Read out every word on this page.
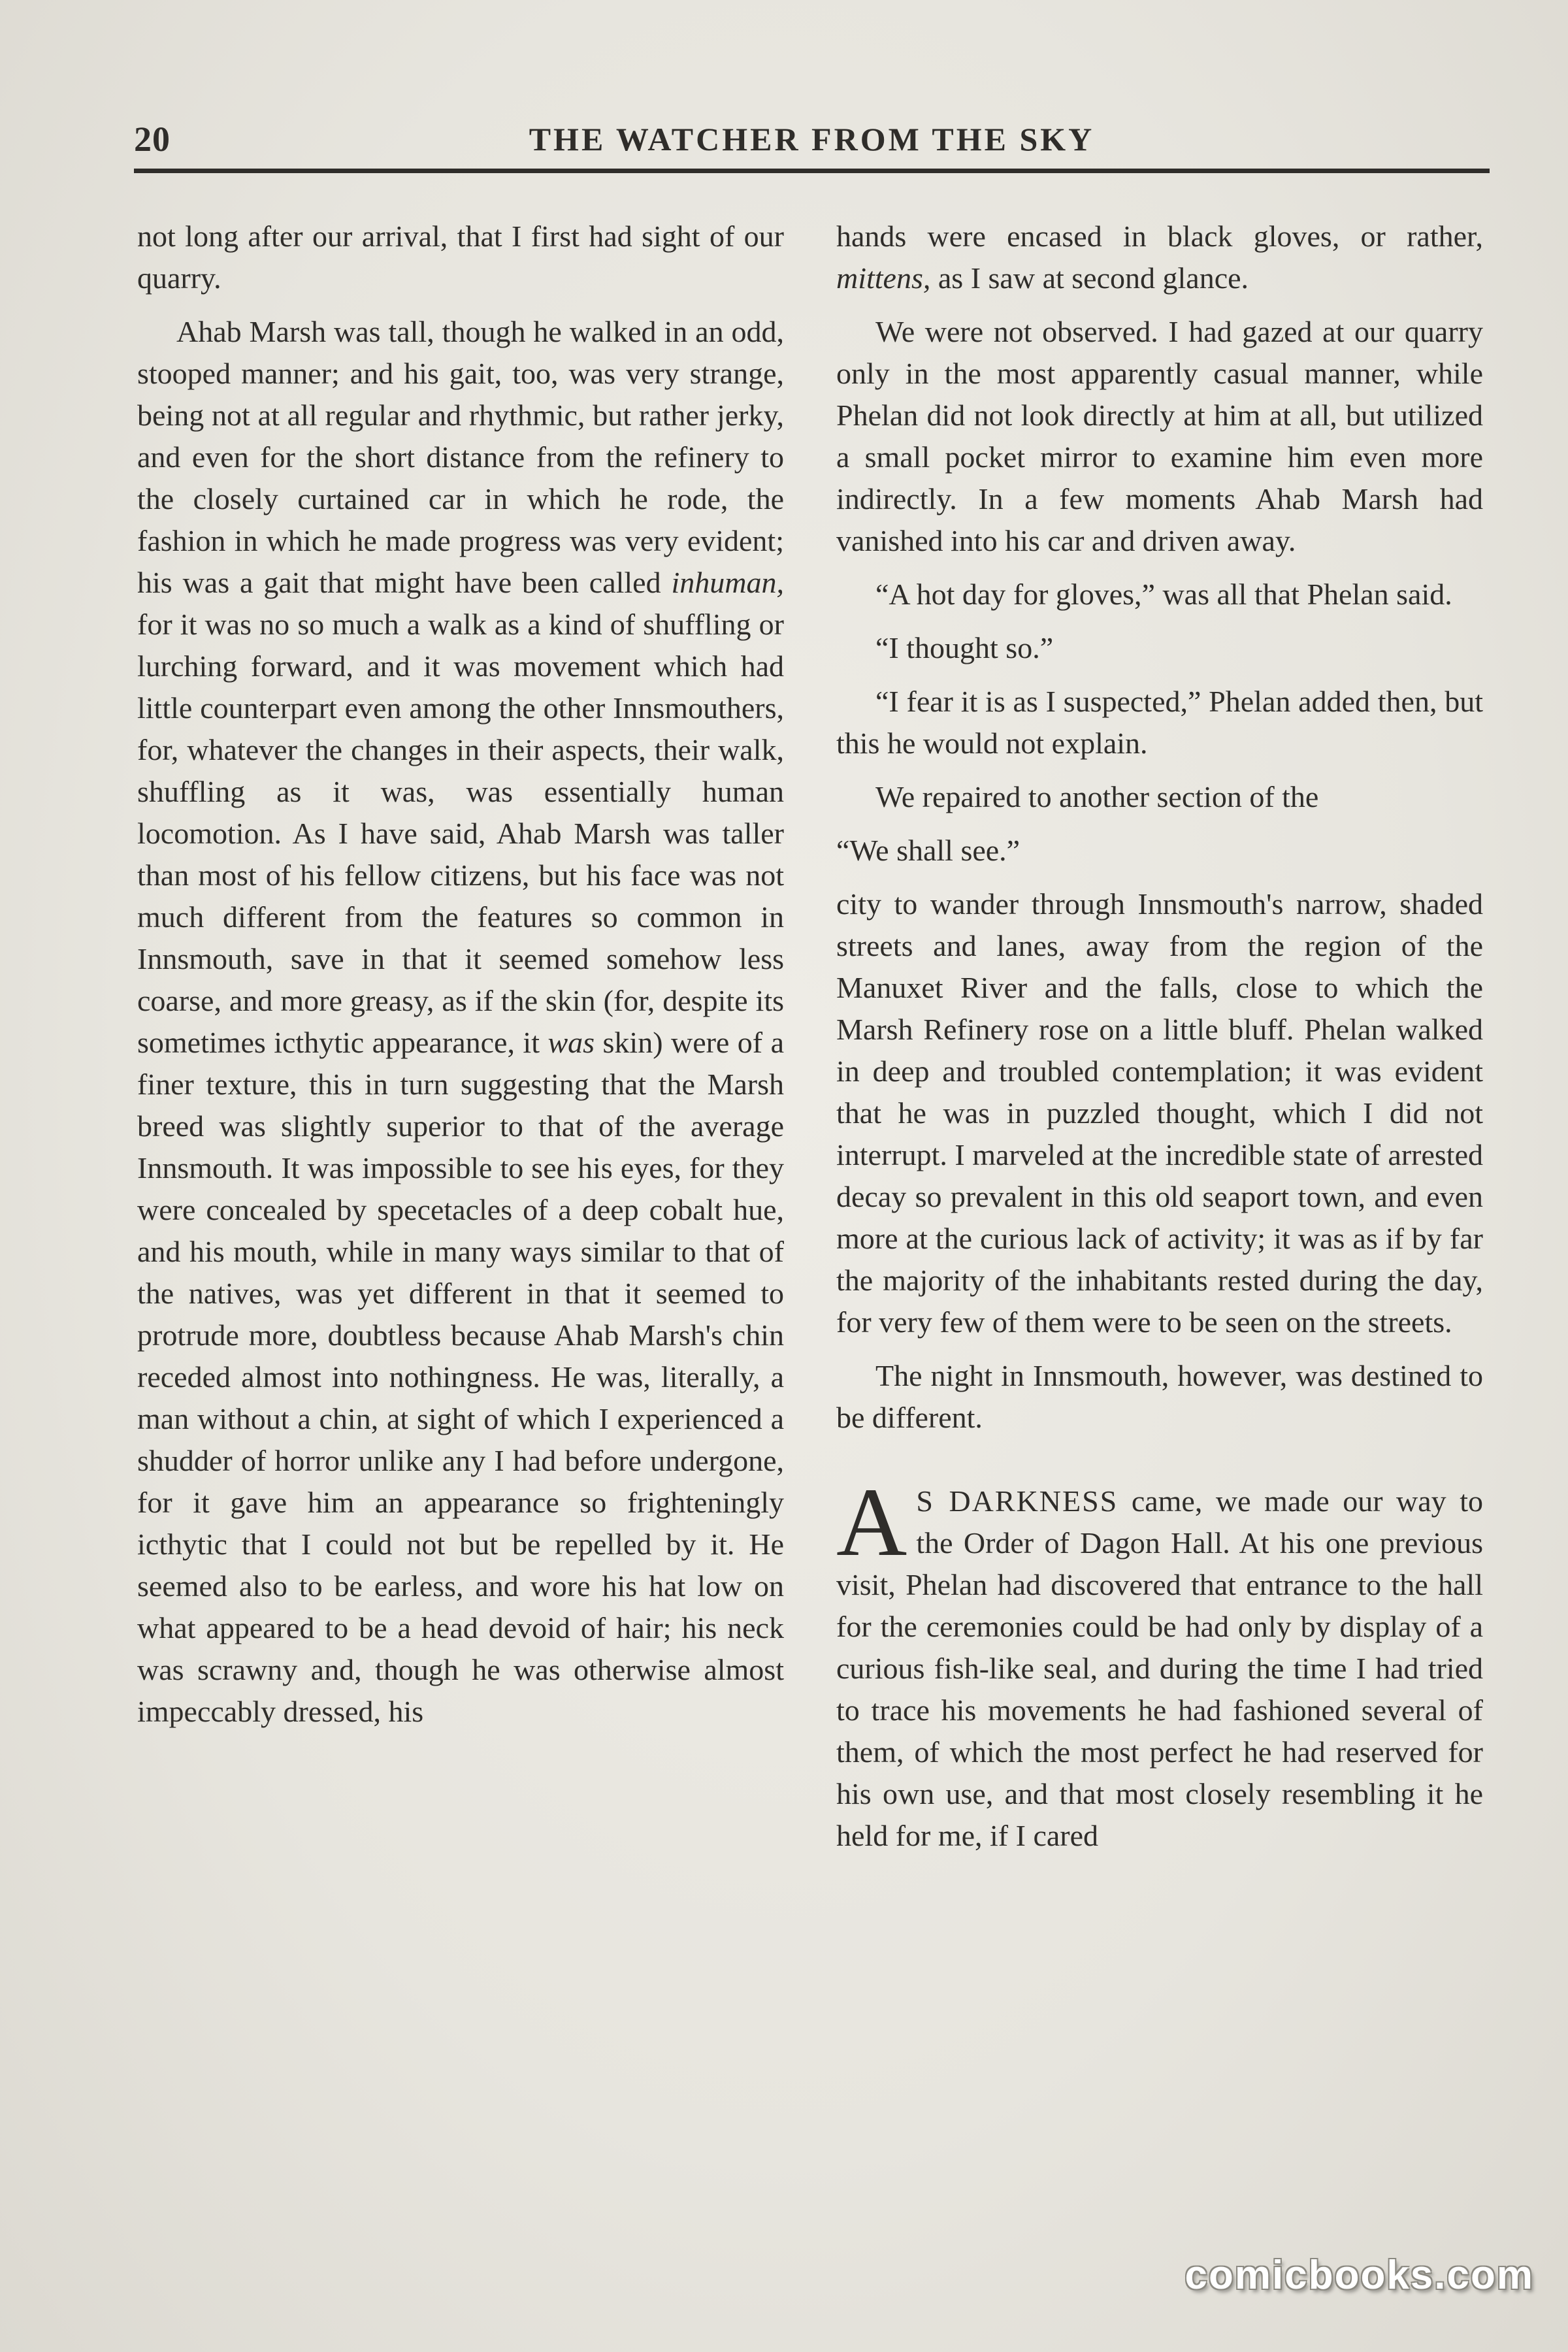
20	THE WATCHER FROM THE SKY

not long after our arrival, that I first had sight of our quarry.

Ahab Marsh was tall, though he walked in an odd, stooped manner; and his gait, too, was very strange, being not at all regular and rhythmic, but rather jerky, and even for the short distance from the refinery to the closely curtained car in which he rode, the fashion in which he made progress was very evident; his was a gait that might have been called inhuman, for it was no so much a walk as a kind of shuffling or lurching forward, and it was movement which had little counterpart even among the other Innsmouthers, for, whatever the changes in their aspects, their walk, shuffling as it was, was essentially human locomotion. As I have said, Ahab Marsh was taller than most of his fellow citizens, but his face was not much different from the features so common in Innsmouth, save in that it seemed somehow less coarse, and more greasy, as if the skin (for, despite its sometimes icthytic appearance, it was skin) were of a finer texture, this in turn suggesting that the Marsh breed was slightly superior to that of the average Innsmouth. It was impossible to see his eyes, for they were concealed by specetacles of a deep cobalt hue, and his mouth, while in many ways similar to that of the natives, was yet different in that it seemed to protrude more, doubtless because Ahab Marsh's chin receded almost into nothingness. He was, literally, a man without a chin, at sight of which I experienced a shudder of horror unlike any I had before undergone, for it gave him an appearance so frighteningly icthytic that I could not but be repelled by it. He seemed also to be earless, and wore his hat low on what appeared to be a head devoid of hair; his neck was scrawny and, though he was otherwise almost impeccably dressed, his

hands were encased in black gloves, or rather, mittens, as I saw at second glance.

We were not observed. I had gazed at our quarry only in the most apparently casual manner, while Phelan did not look directly at him at all, but utilized a small pocket mirror to examine him even more indirectly. In a few moments Ahab Marsh had vanished into his car and driven away.

“A hot day for gloves,” was all that Phelan said.

“I thought so.”

“I fear it is as I suspected,” Phelan added then, but this he would not explain.

We repaired to another section of the

“We shall see.”

city to wander through Innsmouth's narrow, shaded streets and lanes, away from the region of the Manuxet River and the falls, close to which the Marsh Refinery rose on a little bluff. Phelan walked in deep and troubled contemplation; it was evident that he was in puzzled thought, which I did not interrupt. I marveled at the incredible state of arrested decay so prevalent in this old seaport town, and even more at the curious lack of activity; it was as if by far the majority of the inhabitants rested during the day, for very few of them were to be seen on the streets.

The night in Innsmouth, however, was destined to be different.

A S DARKNESS came, we made our way to the Order of Dagon Hall. At his one previous visit, Phelan had discovered that entrance to the hall for the ceremonies could be had only by display of a curious fish-like seal, and during the time I had tried to trace his movements he had fashioned several of them, of which the most perfect he had reserved for his own use, and that most closely resembling it he held for me, if I cared

comicbooks.com
